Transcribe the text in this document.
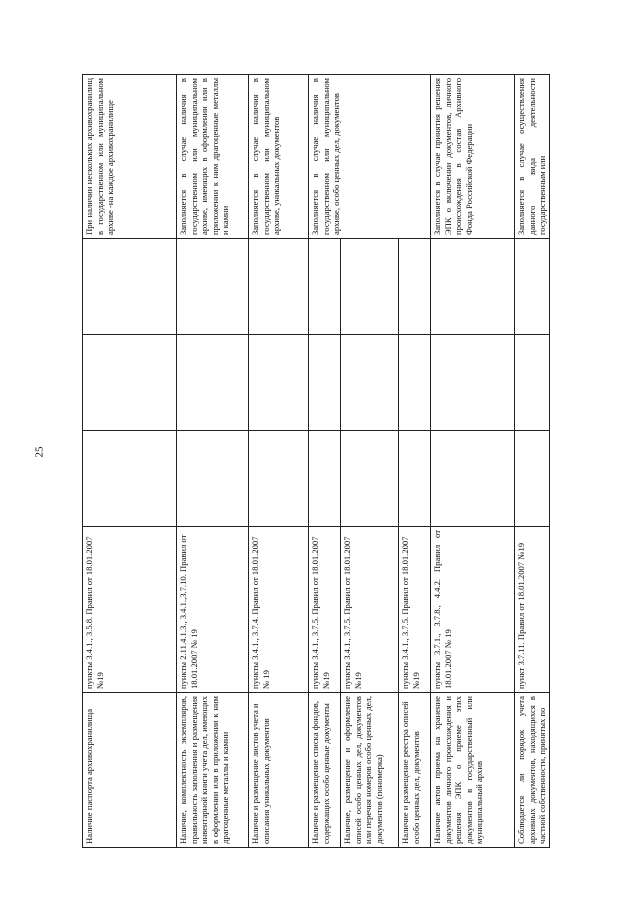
25
Наличие паспорта архивохранилища	пункты 3.4.1., 3.5.8. Правил от 18.01.2007 №19				При наличии нескольких архивохранилищ в государственном или муниципальном архиве -на каждое архивохранилище
Наличие, комплектность экземпляров, правильность заполнения и размещения инвентарной книги учета дел, имеющих в оформлении или в приложении к ним драгоценные металлы и камни	пункты 2.11.4.1.3., 3.4.1.,3.7.10. Правил от 18.01.2007 № 19				Заполняется в случае наличия в государственном или муниципальном архиве, имеющих в оформлении или в приложении к ним драгоценные металлы и камни
Наличие и размещение листов учета и описания уникальных документов	пункты 3.4.1., 3.7.4. Правил от 18.01.2007 № 19				Заполняется в случае наличия в государственном или муниципальном архиве, уникальных документов
Наличие и размещение списка фондов, содержащих особо ценные документы	пункты 3.4.1., 3.7.5. Правил от 18.01.2007 №19				Заполняется в случае наличия в государственном или муниципальном архиве, особо ценных дел, документов
Наличие, размещение и оформление описей особо ценных дел, документов или перечня номеров особо ценных дел, документов (пономерка)	пункты 3.4.1., 3.7.5. Правил от 18.01.2007 №19				
Наличие и размещение реестра описей особо ценных дел, документов	пункты 3.4.1., 3.7.5. Правил от 18.01.2007 №19				
Наличие актов приема на хранение документов личного происхождения и решения ЭПК о приеме этих документов в государственный или муниципальный архив	пункты 3.7.1., 3.7.8., 4.4.2. Правил от 18.01.2007 № 19				Заполняется в случае принятия решения ЭПК о включении документов, личного происхождения в состав Архивного Фонда Российской Федерации
Соблюдается ли порядок учета архивных документов, находящихся в частной собственности, принятых по	пункт 3.7.11. Правил от 18.01.2007 №19				Заполняется в случае осуществления данного вида деятельности государственным или
